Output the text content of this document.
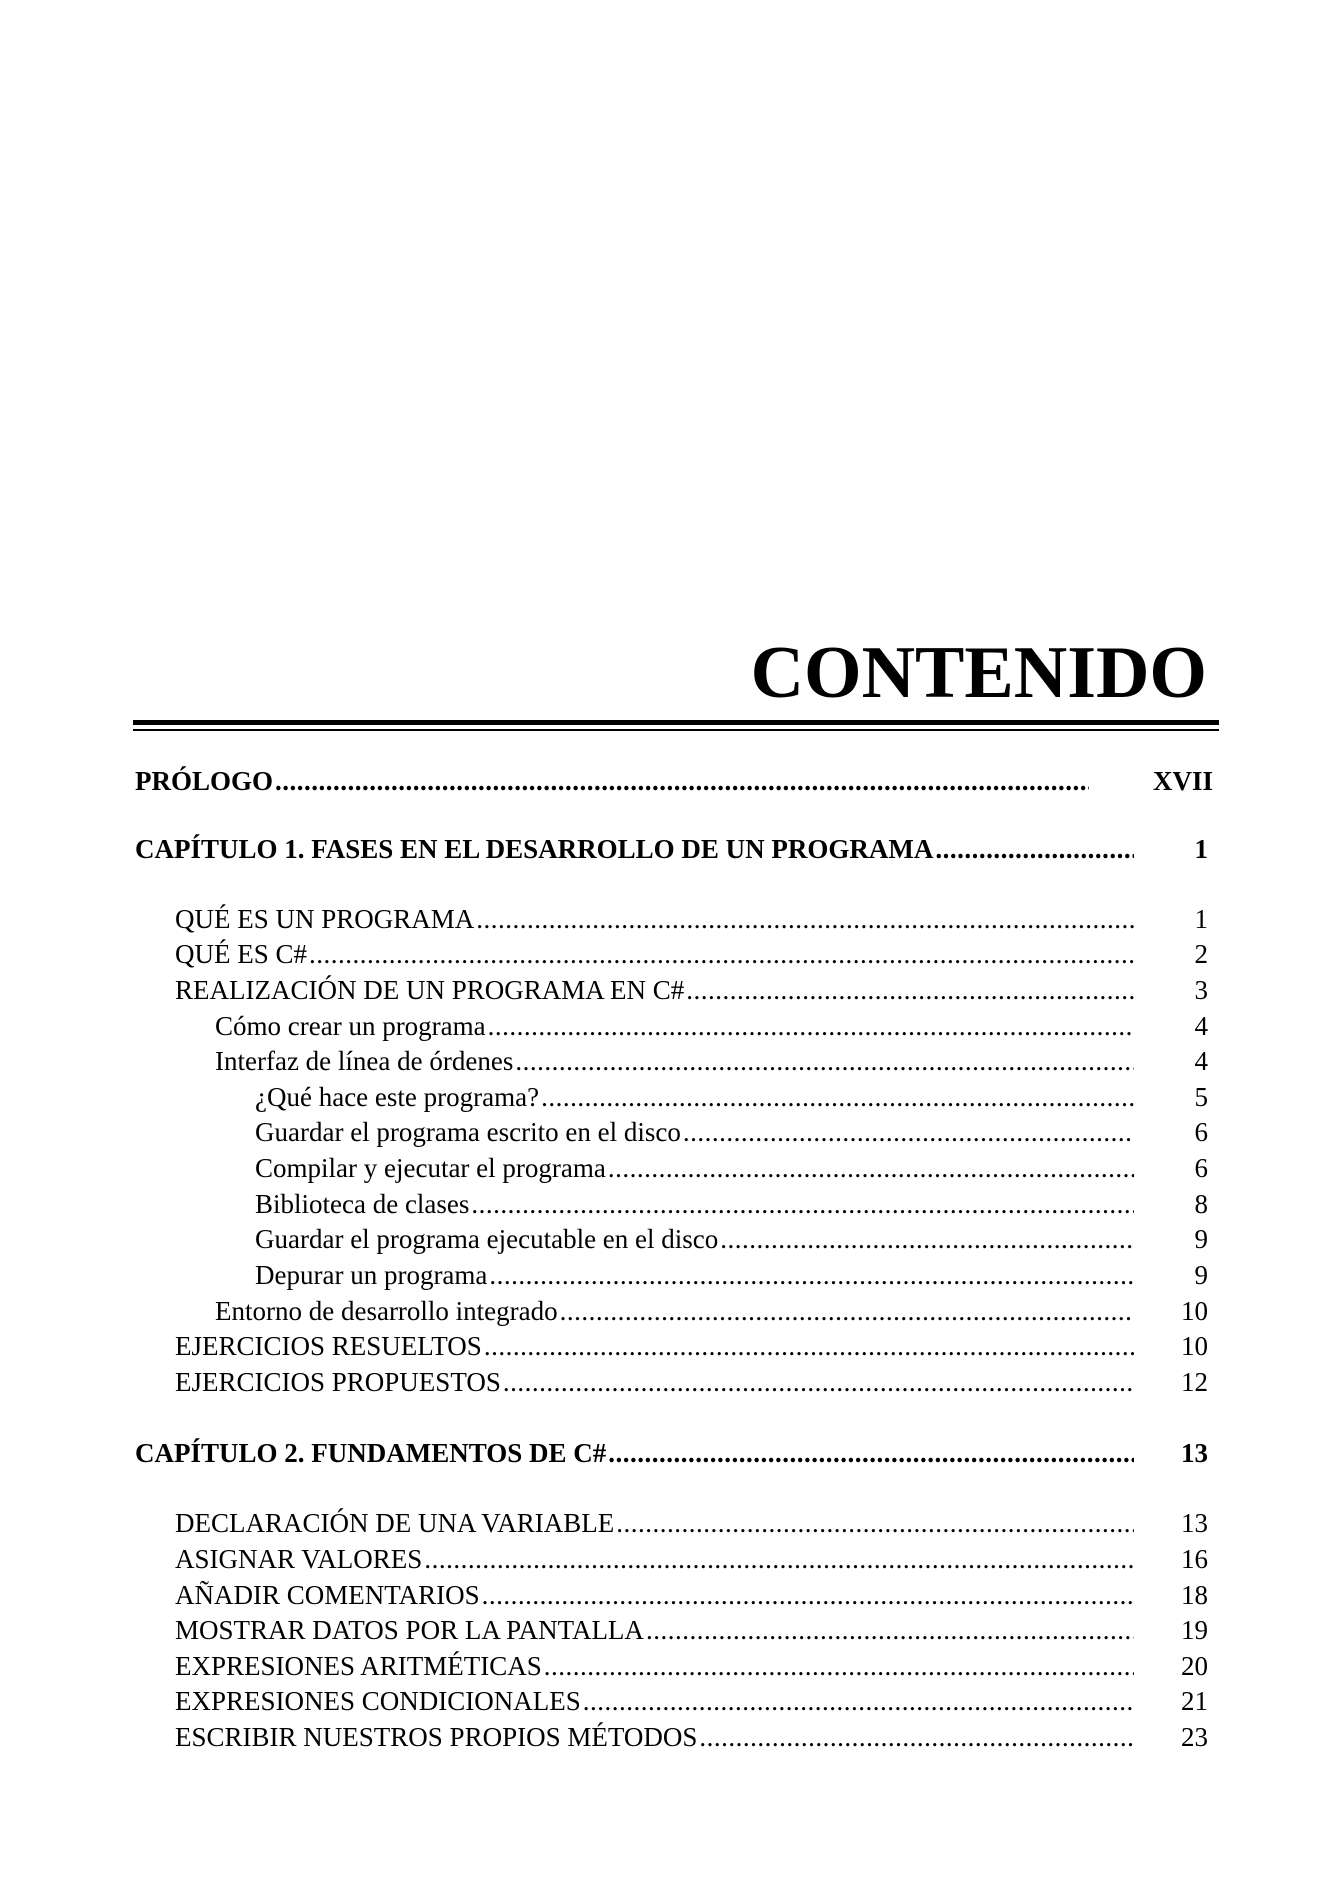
CONTENIDO
PRÓLOGO .....	XVII
CAPÍTULO 1. FASES EN EL DESARROLLO DE UN PROGRAMA .....	1
QUÉ ES UN PROGRAMA .....	1
QUÉ ES C# .....	2
REALIZACIÓN DE UN PROGRAMA EN C# .....	3
Cómo crear un programa .....	4
Interfaz de línea de órdenes .....	4
¿Qué hace este programa? .....	5
Guardar el programa escrito en el disco .....	6
Compilar y ejecutar el programa .....	6
Biblioteca de clases .....	8
Guardar el programa ejecutable en el disco .....	9
Depurar un programa .....	9
Entorno de desarrollo integrado .....	10
EJERCICIOS RESUELTOS .....	10
EJERCICIOS PROPUESTOS .....	12
CAPÍTULO 2. FUNDAMENTOS DE C# .....	13
DECLARACIÓN DE UNA VARIABLE .....	13
ASIGNAR VALORES .....	16
AÑADIR COMENTARIOS .....	18
MOSTRAR DATOS POR LA PANTALLA .....	19
EXPRESIONES ARITMÉTICAS .....	20
EXPRESIONES CONDICIONALES .....	21
ESCRIBIR NUESTROS PROPIOS MÉTODOS .....	23
